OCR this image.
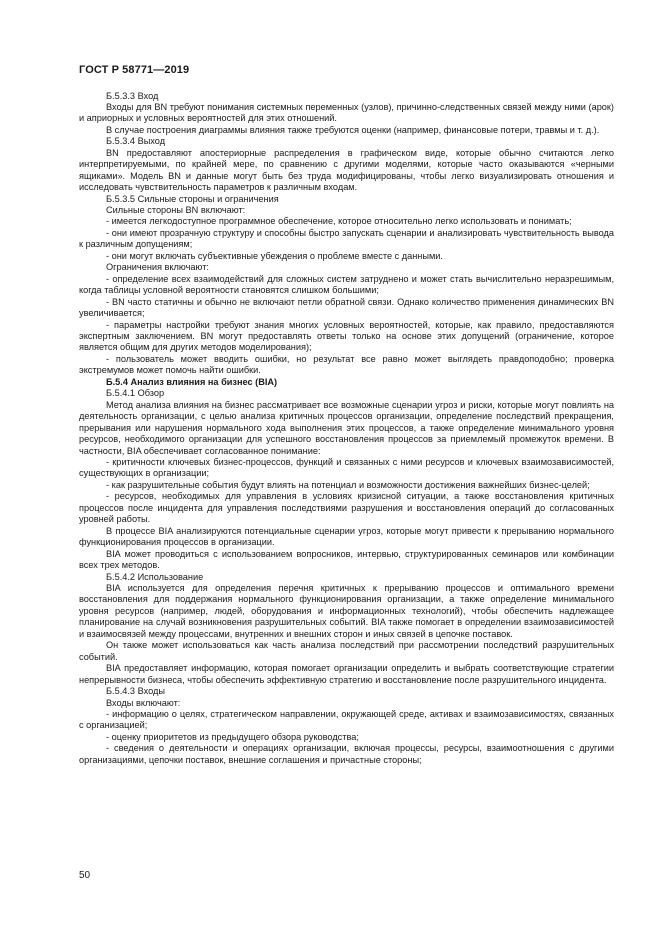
ГОСТ Р 58771—2019

Б.5.3.3 Вход

Входы для BN требуют понимания системных переменных (узлов), причинно-следственных связей между ними (арок) и априорных и условных вероятностей для этих отношений.

В случае построения диаграммы влияния также требуются оценки (например, финансовые потери, травмы и т. д.).

Б.5.3.4 Выход

BN предоставляют апостериорные распределения в графическом виде, которые обычно считаются легко интерпретируемыми, по крайней мере, по сравнению с другими моделями, которые часто оказываются «черными ящиками». Модель BN и данные могут быть без труда модифицированы, чтобы легко визуализировать отношения и исследовать чувствительность параметров к различным входам.

Б.5.3.5 Сильные стороны и ограничения

Сильные стороны BN включают:

- имеется легкодоступное программное обеспечение, которое относительно легко использовать и понимать;

- они имеют прозрачную структуру и способны быстро запускать сценарии и анализировать чувствительность вывода к различным допущениям;

- они могут включать субъективные убеждения о проблеме вместе с данными.

Ограничения включают:

- определение всех взаимодействий для сложных систем затруднено и может стать вычислительно неразрешимым, когда таблицы условной вероятности становятся слишком большими;

- BN часто статичны и обычно не включают петли обратной связи. Однако количество применения динамических BN увеличивается;

- параметры настройки требуют знания многих условных вероятностей, которые, как правило, предоставляются экспертным заключением. BN могут предоставлять ответы только на основе этих допущений (ограничение, которое является общим для других методов моделирования);

- пользователь может вводить ошибки, но результат все равно может выглядеть правдоподобно; проверка экстремумов может помочь найти ошибки.

Б.5.4 Анализ влияния на бизнес (BIA)

Б.5.4.1 Обзор

Метод анализа влияния на бизнес рассматривает все возможные сценарии угроз и риски, которые могут повлиять на деятельность организации, с целью анализа критичных процессов организации, определение последствий прекращения, прерывания или нарушения нормального хода выполнения этих процессов, а также определение минимального уровня ресурсов, необходимого организации для успешного восстановления процессов за приемлемый промежуток времени. В частности, BIA обеспечивает согласованное понимание:

- критичности ключевых бизнес-процессов, функций и связанных с ними ресурсов и ключевых взаимозависимостей, существующих в организации;

- как разрушительные события будут влиять на потенциал и возможности достижения важнейших бизнес-целей;

- ресурсов, необходимых для управления в условиях кризисной ситуации, а также восстановления критичных процессов после инцидента для управления последствиями разрушения и восстановления операций до согласованных уровней работы.

В процессе BIA анализируются потенциальные сценарии угроз, которые могут привести к прерыванию нормального функционирования процессов в организации.

BIA может проводиться с использованием вопросников, интервью, структурированных семинаров или комбинации всех трех методов.

Б.5.4.2 Использование

BIA используется для определения перечня критичных к прерыванию процессов и оптимального времени восстановления для поддержания нормального функционирования организации, а также определение минимального уровня ресурсов (например, людей, оборудования и информационных технологий), чтобы обеспечить надлежащее планирование на случай возникновения разрушительных событий. BIA также помогает в определении взаимозависимостей и взаимосвязей между процессами, внутренних и внешних сторон и иных связей в цепочке поставок.

Он также может использоваться как часть анализа последствий при рассмотрении последствий разрушительных событий.

BIA предоставляет информацию, которая помогает организации определить и выбрать соответствующие стратегии непрерывности бизнеса, чтобы обеспечить эффективную стратегию и восстановление после разрушительного инцидента.

Б.5.4.3 Входы

Входы включают:

- информацию о целях, стратегическом направлении, окружающей среде, активах и взаимозависимостях, связанных с организацией;

- оценку приоритетов из предыдущего обзора руководства;

- сведения о деятельности и операциях организации, включая процессы, ресурсы, взаимоотношения с другими организациями, цепочки поставок, внешние соглашения и причастные стороны;

50
